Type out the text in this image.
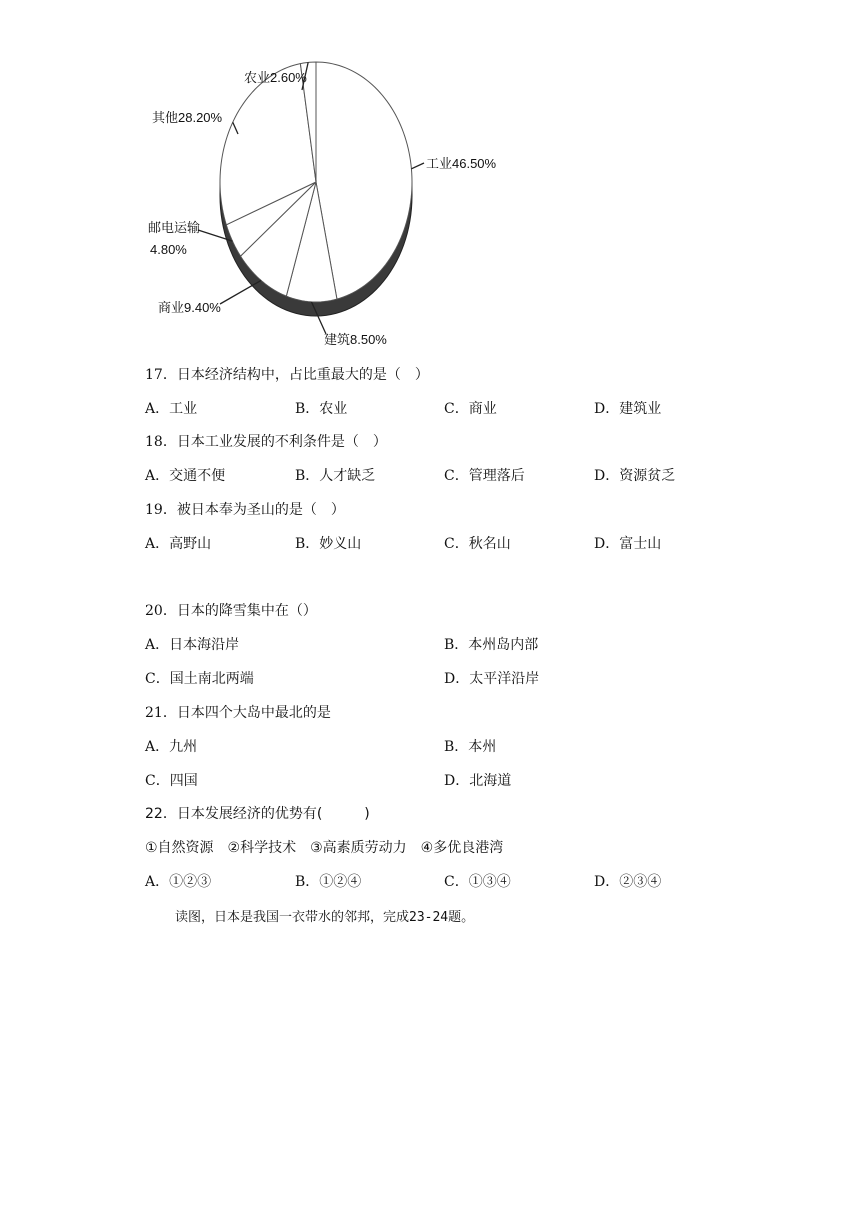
工业46.50%
建筑8.50%
商业9.40%
邮电运输
4.80%
其他28.20%
农业2.60%
17．日本经济结构中，占比重最大的是（　）
A．工业	B．农业	C．商业	D．建筑业
18．日本工业发展的不利条件是（　）
A．交通不便	B．人才缺乏	C．管理落后	D．资源贫乏
19．被日本奉为圣山的是（　）
A．高野山	B．妙义山	C．秋名山	D．富士山
20．日本的降雪集中在（）
A．日本海沿岸	B．本州岛内部
C．国土南北两端	D．太平洋沿岸
21．日本四个大岛中最北的是
A．九州	B．本州
C．四国	D．北海道
22．日本发展经济的优势有(　　　)
①自然资源　②科学技术　③高素质劳动力　④多优良港湾
A．①②③	B．①②④	C．①③④	D．②③④
读图，日本是我国一衣带水的邻邦，完成23-24题。
